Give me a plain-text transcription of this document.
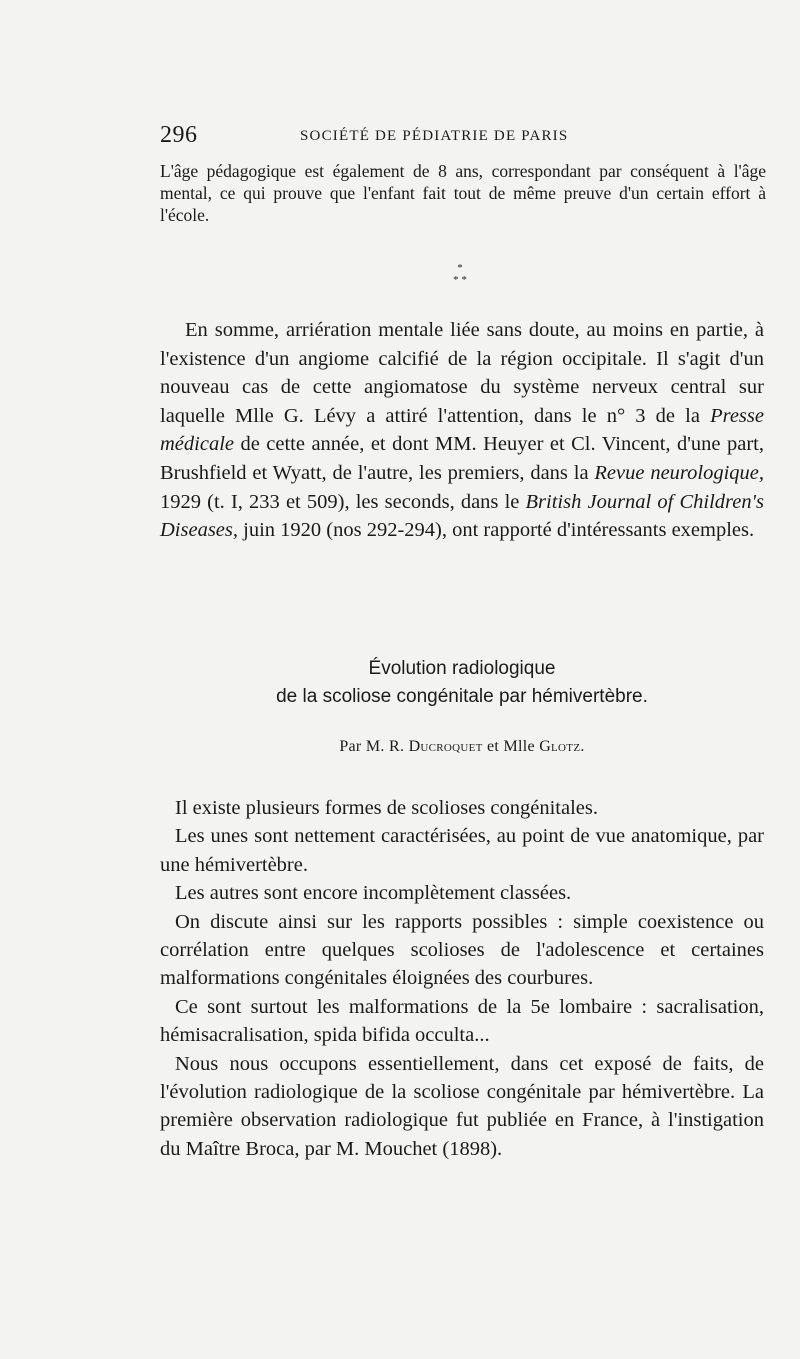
296	SOCIÉTÉ DE PÉDIATRIE DE PARIS
L'âge pédagogique est également de 8 ans, correspondant par conséquent à l'âge mental, ce qui prouve que l'enfant fait tout de même preuve d'un certain effort à l'école.
*
* *
En somme, arriération mentale liée sans doute, au moins en partie, à l'existence d'un angiome calcifié de la région occipitale. Il s'agit d'un nouveau cas de cette angiomatose du système nerveux central sur laquelle Mlle G. Lévy a attiré l'attention, dans le n° 3 de la Presse médicale de cette année, et dont MM. Heuyer et Cl. Vincent, d'une part, Brushfield et Wyatt, de l'autre, les premiers, dans la Revue neurologique, 1929 (t. I, 233 et 509), les seconds, dans le British Journal of Children's Diseases, juin 1920 (nos 292-294), ont rapporté d'intéressants exemples.
Évolution radiologique
de la scoliose congénitale par hémivertèbre.
Par M. R. Ducroquet et Mlle Glotz.

Il existe plusieurs formes de scolioses congénitales.

Les unes sont nettement caractérisées, au point de vue anatomique, par une hémivertèbre.

Les autres sont encore incomplètement classées.

On discute ainsi sur les rapports possibles : simple coexistence ou corrélation entre quelques scolioses de l'adolescence et certaines malformations congénitales éloignées des courbures.

Ce sont surtout les malformations de la 5e lombaire : sacralisation, hémisacralisation, spida bifida occulta...

Nous nous occupons essentiellement, dans cet exposé de faits, de l'évolution radiologique de la scoliose congénitale par hémivertèbre. La première observation radiologique fut publiée en France, à l'instigation du Maître Broca, par M. Mouchet (1898).
